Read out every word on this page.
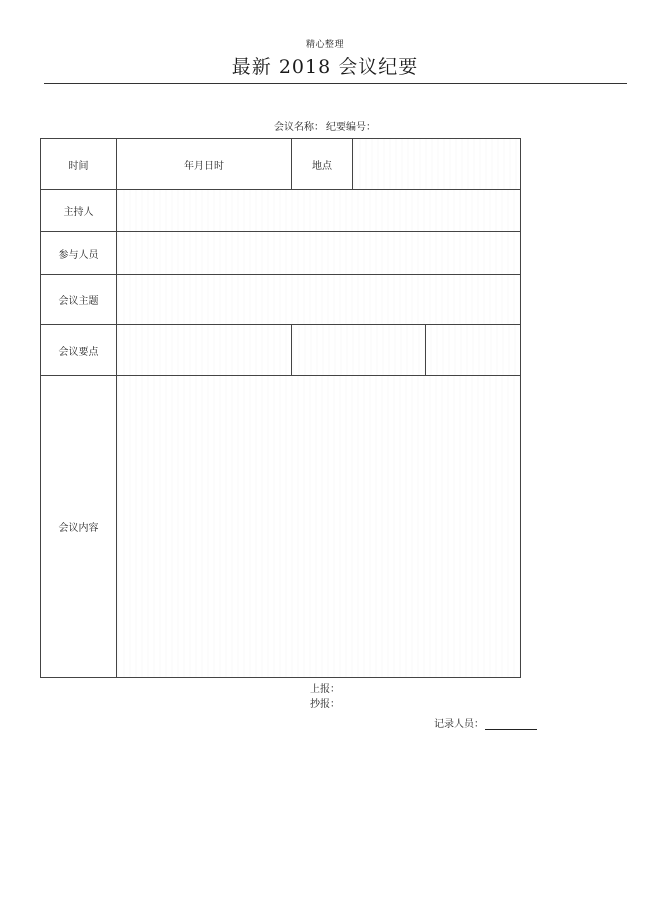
精心整理
最新 2018 会议纪要
会议名称： 纪要编号：
时间	年月日时	地点	
主持人			
参与人员			
会议主题			
会议要点			

会议内容			
上报：
抄报：
记录人员：
